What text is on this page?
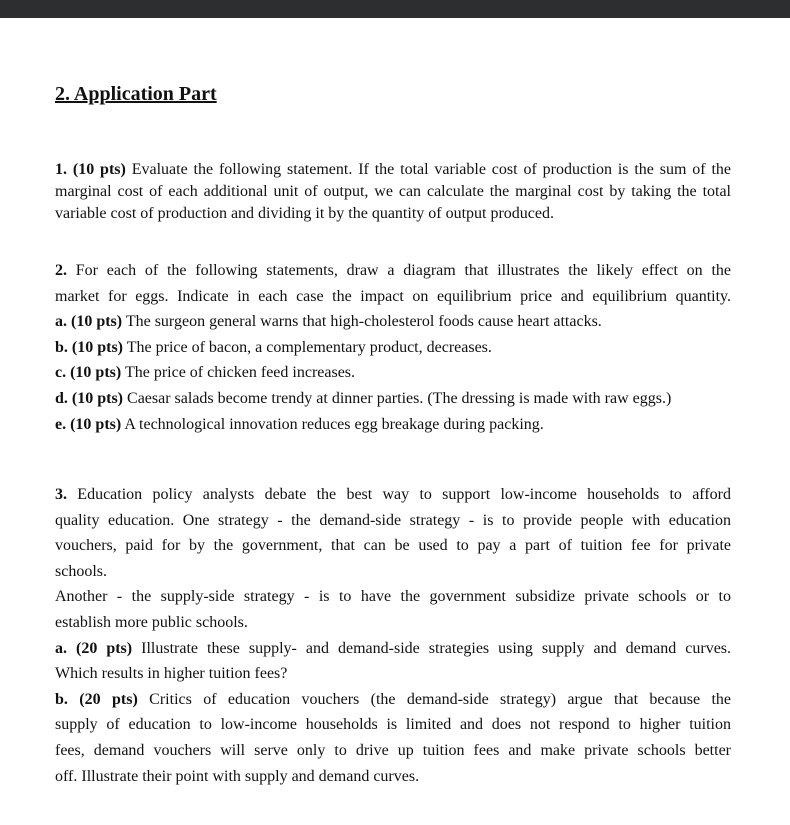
2. Application Part

1. (10 pts) Evaluate the following statement. If the total variable cost of production is the sum of the marginal cost of each additional unit of output, we can calculate the marginal cost by taking the total variable cost of production and dividing it by the quantity of output produced.

2. For each of the following statements, draw a diagram that illustrates the likely effect on the

market for eggs. Indicate in each case the impact on equilibrium price and equilibrium quantity.

a. (10 pts) The surgeon general warns that high-cholesterol foods cause heart attacks.

b. (10 pts) The price of bacon, a complementary product, decreases.

c. (10 pts) The price of chicken feed increases.

d. (10 pts) Caesar salads become trendy at dinner parties. (The dressing is made with raw eggs.)

e. (10 pts) A technological innovation reduces egg breakage during packing.

3. Education policy analysts debate the best way to support low-income households to afford

quality education. One strategy - the demand-side strategy - is to provide people with education

vouchers, paid for by the government, that can be used to pay a part of tuition fee for private

schools.

Another - the supply-side strategy - is to have the government subsidize private schools or to

establish more public schools.

a. (20 pts) Illustrate these supply- and demand-side strategies using supply and demand curves.

Which results in higher tuition fees?

b. (20 pts) Critics of education vouchers (the demand-side strategy) argue that because the

supply of education to low-income households is limited and does not respond to higher tuition

fees, demand vouchers will serve only to drive up tuition fees and make private schools better

off. Illustrate their point with supply and demand curves.
